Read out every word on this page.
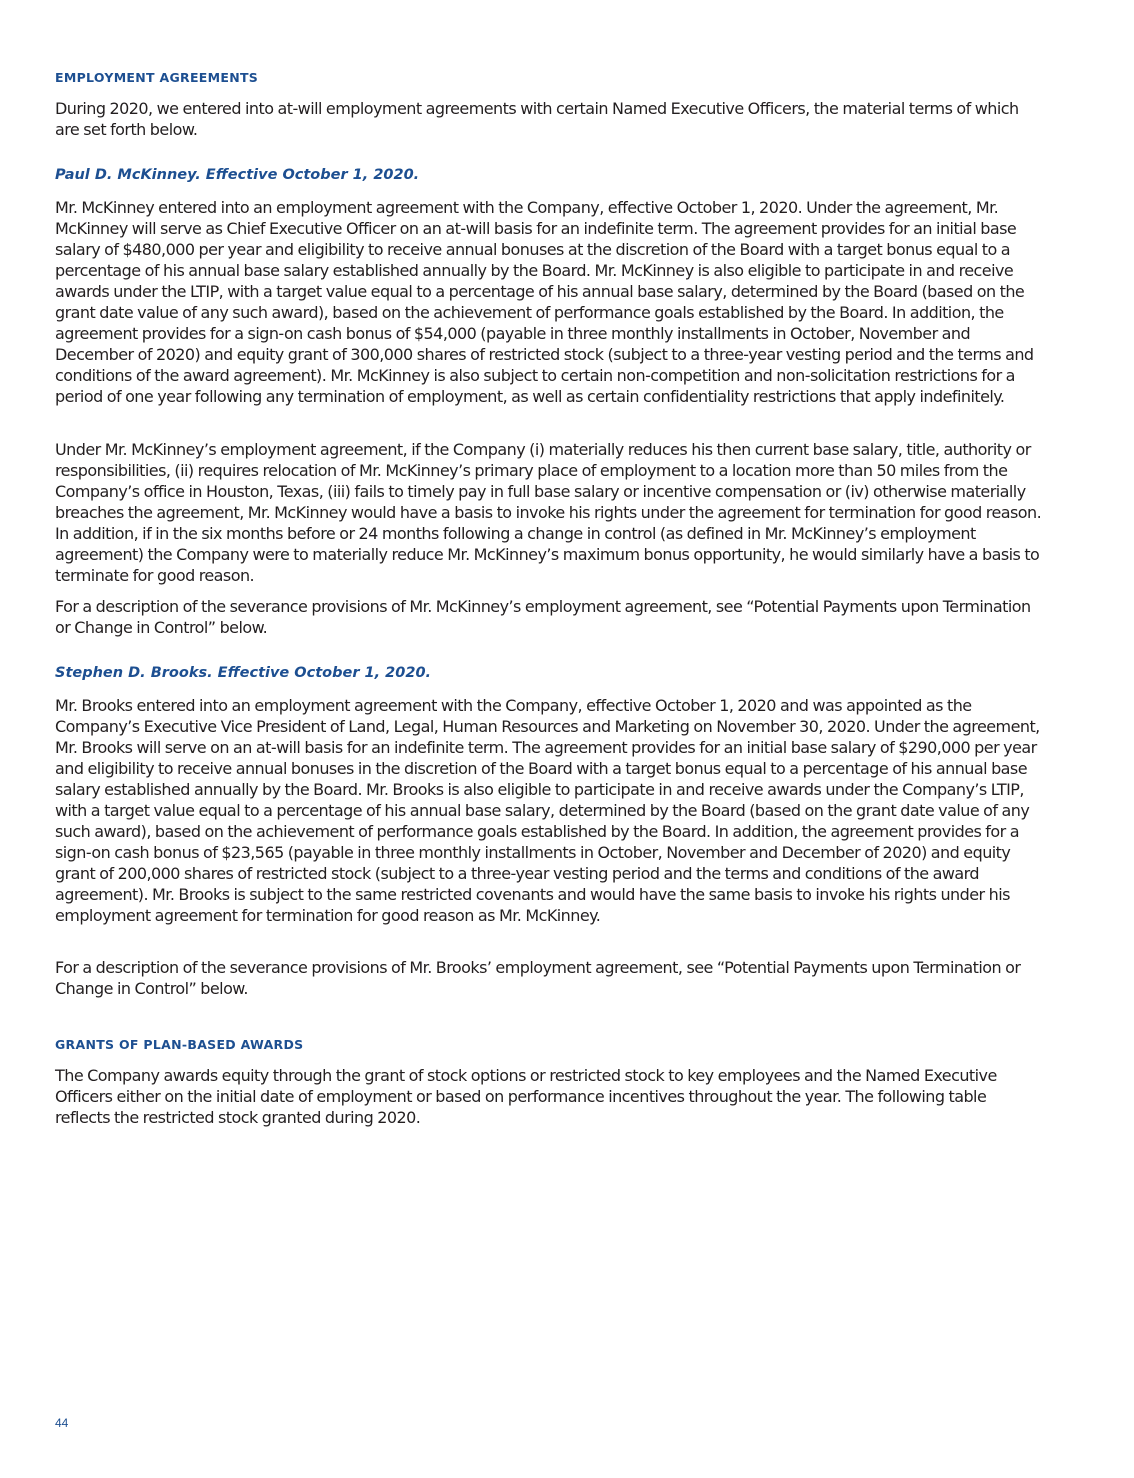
EMPLOYMENT AGREEMENTS

During 2020, we entered into at-will employment agreements with certain Named Executive Officers, the material terms of which are set forth below.

Paul D. McKinney. Effective October 1, 2020.

Mr. McKinney entered into an employment agreement with the Company, effective October 1, 2020. Under the agreement, Mr. McKinney will serve as Chief Executive Officer on an at-will basis for an indefinite term. The agreement provides for an initial base salary of $480,000 per year and eligibility to receive annual bonuses at the discretion of the Board with a target bonus equal to a percentage of his annual base salary established annually by the Board. Mr. McKinney is also eligible to participate in and receive awards under the LTIP, with a target value equal to a percentage of his annual base salary, determined by the Board (based on the grant date value of any such award), based on the achievement of performance goals established by the Board. In addition, the agreement provides for a sign-on cash bonus of $54,000 (payable in three monthly installments in October, November and December of 2020) and equity grant of 300,000 shares of restricted stock (subject to a three-year vesting period and the terms and conditions of the award agreement). Mr. McKinney is also subject to certain non-competition and non-solicitation restrictions for a period of one year following any termination of employment, as well as certain confidentiality restrictions that apply indefinitely.

Under Mr. McKinney’s employment agreement, if the Company (i) materially reduces his then current base salary, title, authority or responsibilities, (ii) requires relocation of Mr. McKinney’s primary place of employment to a location more than 50 miles from the Company’s office in Houston, Texas, (iii) fails to timely pay in full base salary or incentive compensation or (iv) otherwise materially breaches the agreement, Mr. McKinney would have a basis to invoke his rights under the agreement for termination for good reason. In addition, if in the six months before or 24 months following a change in control (as defined in Mr. McKinney’s employment agreement) the Company were to materially reduce Mr. McKinney’s maximum bonus opportunity, he would similarly have a basis to terminate for good reason.

For a description of the severance provisions of Mr. McKinney’s employment agreement, see “Potential Payments upon Termination or Change in Control” below.

Stephen D. Brooks. Effective October 1, 2020.

Mr. Brooks entered into an employment agreement with the Company, effective October 1, 2020 and was appointed as the Company’s Executive Vice President of Land, Legal, Human Resources and Marketing on November 30, 2020. Under the agreement, Mr. Brooks will serve on an at-will basis for an indefinite term. The agreement provides for an initial base salary of $290,000 per year and eligibility to receive annual bonuses in the discretion of the Board with a target bonus equal to a percentage of his annual base salary established annually by the Board. Mr. Brooks is also eligible to participate in and receive awards under the Company’s LTIP, with a target value equal to a percentage of his annual base salary, determined by the Board (based on the grant date value of any such award), based on the achievement of performance goals established by the Board. In addition, the agreement provides for a sign-on cash bonus of $23,565 (payable in three monthly installments in October, November and December of 2020) and equity grant of 200,000 shares of restricted stock (subject to a three-year vesting period and the terms and conditions of the award agreement). Mr. Brooks is subject to the same restricted covenants and would have the same basis to invoke his rights under his employment agreement for termination for good reason as Mr. McKinney.

For a description of the severance provisions of Mr. Brooks’ employment agreement, see “Potential Payments upon Termination or Change in Control” below.

GRANTS OF PLAN-BASED AWARDS

The Company awards equity through the grant of stock options or restricted stock to key employees and the Named Executive Officers either on the initial date of employment or based on performance incentives throughout the year. The following table reflects the restricted stock granted during 2020.

44
